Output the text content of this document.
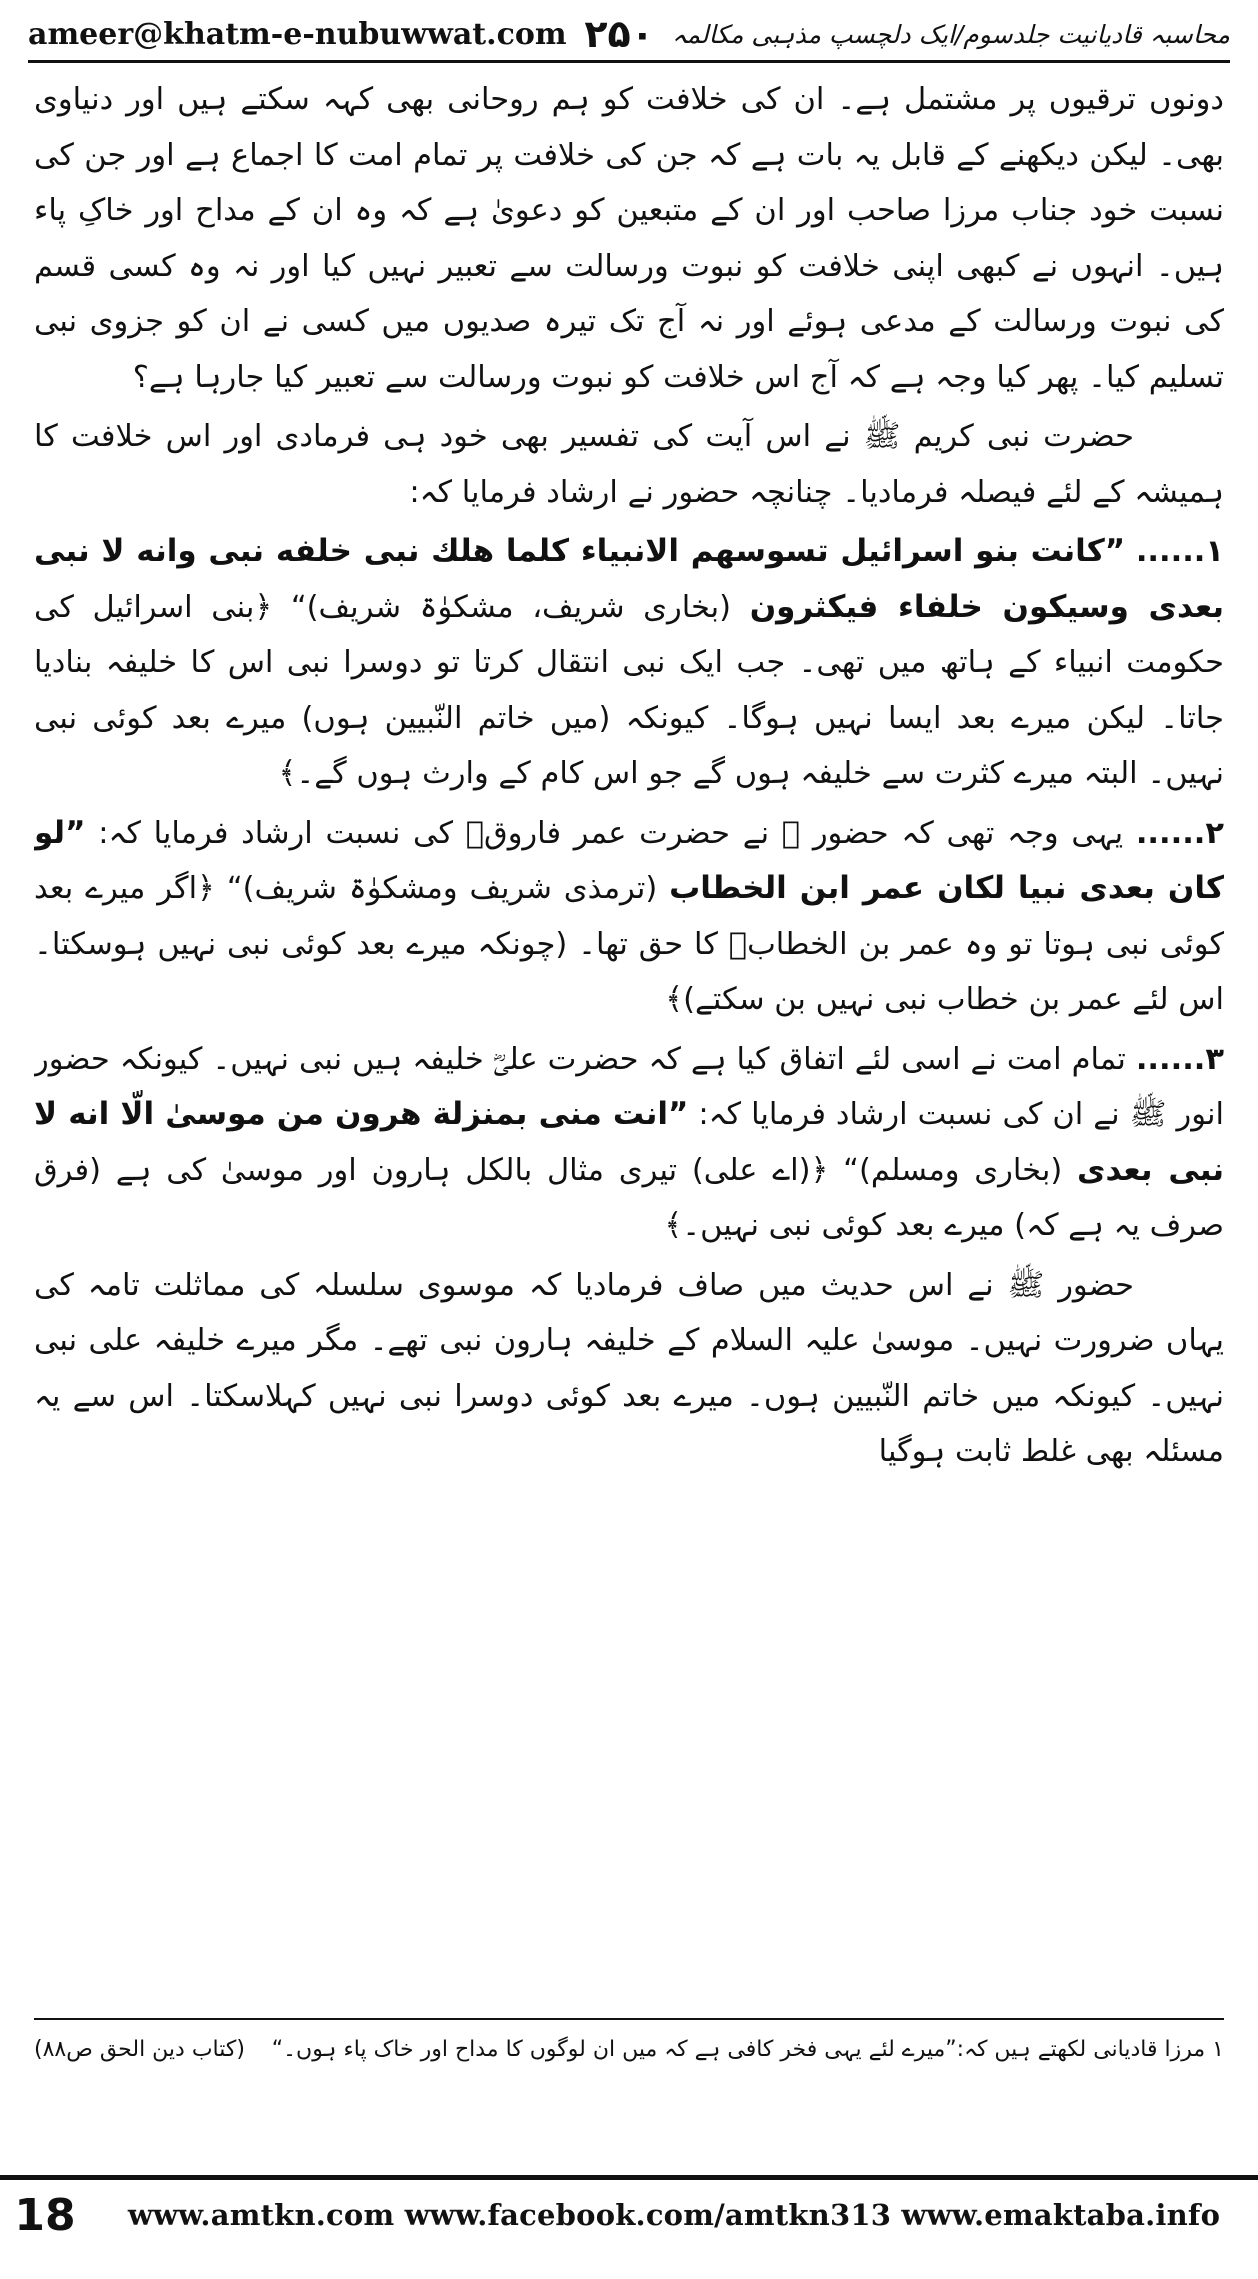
ameer@khatm-e-nubuwwat.com	محاسبہ قادیانیت جلدسوم/ایک دلچسپ مذہبی مکالمہ
۲۵۰

دونوں ترقیوں پر مشتمل ہے۔ ان کی خلافت کو ہم روحانی بھی کہہ سکتے ہیں اور دنیاوی بھی۔ لیکن دیکھنے کے قابل یہ بات ہے کہ جن کی خلافت پر تمام امت کا اجماع ہے اور جن کی نسبت خود جناب مرزا صاحب اور ان کے متبعین کو دعویٰ ہے کہ وہ ان کے مداح اور خاکِ پاء ہیں۔ انہوں نے کبھی اپنی خلافت کو نبوت ورسالت سے تعبیر نہیں کیا اور نہ وہ کسی قسم کی نبوت ورسالت کے مدعی ہوئے اور نہ آج تک تیرہ صدیوں میں کسی نے ان کو جزوی نبی تسلیم کیا۔ پھر کیا وجہ ہے کہ آج اس خلافت کو نبوت ورسالت سے تعبیر کیا جارہا ہے؟

حضرت نبی کریم ﷺ نے اس آیت کی تفسیر بھی خود ہی فرمادی اور اس خلافت کا ہمیشہ کے لئے فیصلہ فرمادیا۔ چنانچہ حضور نے ارشاد فرمایا کہ:

۱...... ”کانت بنو اسرائیل تسوسهم الانبیاء کلما هلك نبی خلفه نبی وانه لا نبی بعدی وسیکون خلفاء فیکثرون (بخاری شریف، مشکوٰۃ شریف)“ ﴿بنی اسرائیل کی حکومت انبیاء کے ہاتھ میں تھی۔ جب ایک نبی انتقال کرتا تو دوسرا نبی اس کا خلیفہ بنادیا جاتا۔ لیکن میرے بعد ایسا نہیں ہوگا۔ کیونکہ (میں خاتم النّبیین ہوں) میرے بعد کوئی نبی نہیں۔ البتہ میرے کثرت سے خلیفہ ہوں گے جو اس کام کے وارث ہوں گے۔﴾

۲...... یہی وجہ تھی کہ حضور ﷺ نے حضرت عمر فاروقؓ کی نسبت ارشاد فرمایا کہ: ”لو کان بعدی نبیا لکان عمر ابن الخطاب (ترمذی شریف ومشکوٰۃ شریف)“ ﴿اگر میرے بعد کوئی نبی ہوتا تو وہ عمر بن الخطابؓ کا حق تھا۔ (چونکہ میرے بعد کوئی نبی نہیں ہوسکتا۔ اس لئے عمر بن خطاب نبی نہیں بن سکتے)﴾

۳...... تمام امت نے اسی لئے اتفاق کیا ہے کہ حضرت علیؓ خلیفہ ہیں نبی نہیں۔ کیونکہ حضور انور ﷺ نے ان کی نسبت ارشاد فرمایا کہ: ”انت منی بمنزلة هرون من موسیٰ الّا انه لا نبی بعدی (بخاری ومسلم)“ ﴿(اے علی) تیری مثال بالکل ہارون اور موسیٰ کی ہے (فرق صرف یہ ہے کہ) میرے بعد کوئی نبی نہیں۔﴾

حضور ﷺ نے اس حدیث میں صاف فرمادیا کہ موسوی سلسلہ کی مماثلت تامہ کی یہاں ضرورت نہیں۔ موسیٰ علیہ السلام کے خلیفہ ہارون نبی تھے۔ مگر میرے خلیفہ علی نبی نہیں۔ کیونکہ میں خاتم النّبیین ہوں۔ میرے بعد کوئی دوسرا نبی نہیں کہلاسکتا۔ اس سے یہ مسئلہ بھی غلط ثابت ہوگیا

۱ مرزا قادیانی لکھتے ہیں کہ:”میرے لئے یہی فخر کافی ہے کہ میں ان لوگوں کا مداح اور خاک پاء ہوں۔“
(کتاب دین الحق ص۸۸)
18	www.amtkn.com www.facebook.com/amtkn313 www.emaktaba.info
